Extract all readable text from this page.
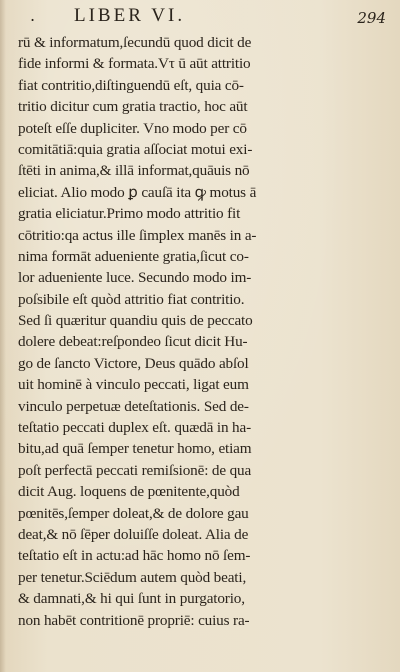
. LIBER VI.	294
rū & informatum,ſecundū quod dicit de
fide informi & formata.Vτ ū aūt attritio
fiat contritio,diſtinguendū eſt, quia cō-
tritio dicitur cum gratia tractio, hoc aūt
poteſt eſſe dupliciter. Vno modo per cō
comitātiā:quia gratia aſſociat motui exi-
ſtēti in anima,& illā informat,quāuis nō
eliciat. Alio modo ꝑ cauſā ita ꝙ motus ā
gratia eliciatur.Primo modo attritio fit
cōtritio:qa actus ille ſimplex manēs in a-
nima formāt adueniente gratia,ſicut co-
lor adueniente luce. Secundo modo im-
poſsibile eſt quòd attritio fiat contritio.
Sed ſi quæritur quandiu quis de peccato
dolere debeat:reſpondeo ſicut dicit Hu-
go de ſancto Victore, Deus quādo abſol
uit hominē à vinculo peccati, ligat eum
vinculo perpetuæ deteſtationis. Sed de-
teſtatio peccati duplex eſt. quædā in ha-
bitu,ad quā ſemper tenetur homo, etiam
poſt perfectā peccati remiſsionē: de qua
dicit Aug. loquens de pœnitente,quòd
pœnitēs,ſemper doleat,& de dolore gau
deat,& nō ſēper doluiſſe doleat. Alia de
teſtatio eſt in actu:ad hāc homo nō ſem-
per tenetur.Sciēdum autem quòd beati,
& damnati,& hi qui ſunt in purgatorio,
non habēt contritionē propriē: cuius ra-
